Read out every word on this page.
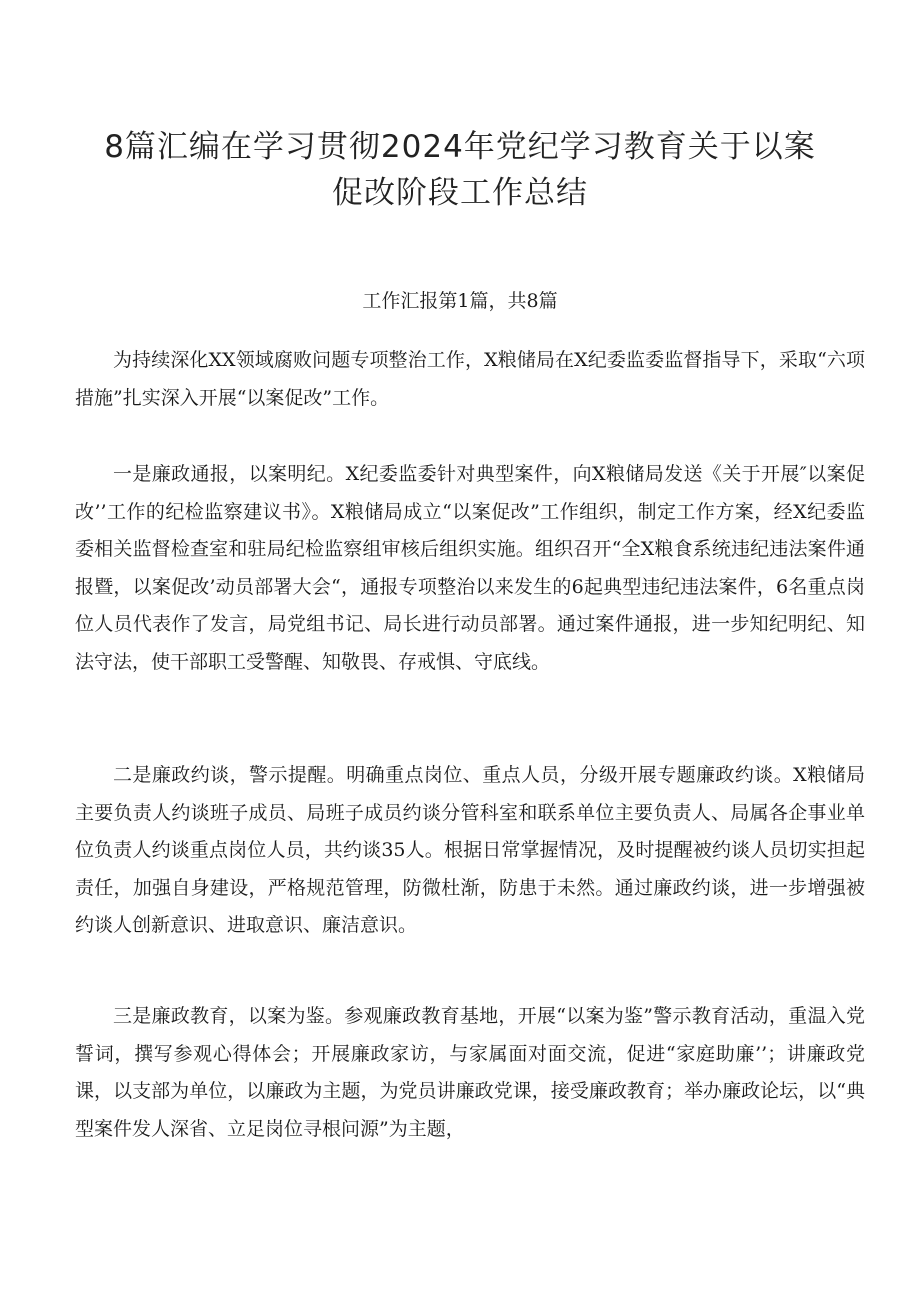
8篇汇编在学习贯彻2024年党纪学习教育关于以案
促改阶段工作总结
工作汇报第1篇，共8篇

为持续深化XX领域腐败问题专项整治工作，X粮储局在X纪委监委监督指导下，采取“六项措施”扎实深入开展“以案促改”工作。

一是廉政通报，以案明纪。X纪委监委针对典型案件，向X粮储局发送《关于开展″以案促改’’工作的纪检监察建议书》。X粮储局成立“以案促改”工作组织，制定工作方案，经X纪委监委相关监督检查室和驻局纪检监察组审核后组织实施。组织召开“全X粮食系统违纪违法案件通报暨，以案促改’动员部署大会“，通报专项整治以来发生的6起典型违纪违法案件，6名重点岗位人员代表作了发言，局党组书记、局长进行动员部署。通过案件通报，进一步知纪明纪、知法守法，使干部职工受警醒、知敬畏、存戒惧、守底线。

二是廉政约谈，警示提醒。明确重点岗位、重点人员，分级开展专题廉政约谈。X粮储局主要负责人约谈班子成员、局班子成员约谈分管科室和联系单位主要负责人、局属各企事业单位负责人约谈重点岗位人员，共约谈35人。根据日常掌握情况，及时提醒被约谈人员切实担起责任，加强自身建设，严格规范管理，防微杜渐，防患于未然。通过廉政约谈，进一步增强被约谈人创新意识、进取意识、廉洁意识。

三是廉政教育，以案为鉴。参观廉政教育基地，开展“以案为鉴”警示教育活动，重温入党誓词，撰写参观心得体会；开展廉政家访，与家属面对面交流，促进“家庭助廉’’；讲廉政党课，以支部为单位，以廉政为主题，为党员讲廉政党课，接受廉政教育；举办廉政论坛，以“典型案件发人深省、立足岗位寻根问源”为主题，
